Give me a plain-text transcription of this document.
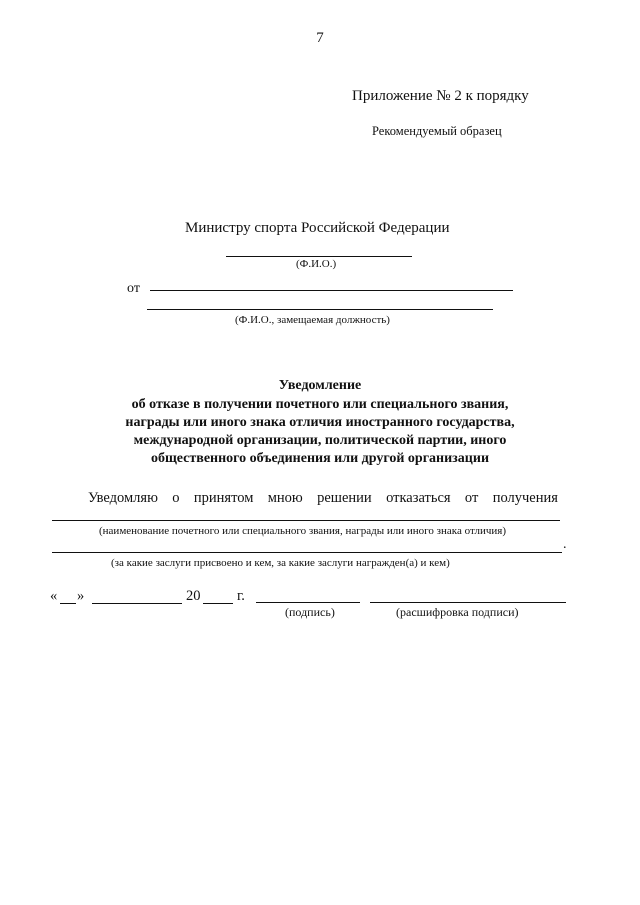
7
Приложение № 2 к порядку
Рекомендуемый образец
Министру спорта Российской Федерации
(Ф.И.О.)
от
(Ф.И.О., замещаемая должность)
Уведомление
об отказе в получении почетного или специального звания,
награды или иного знака отличия иностранного государства,
международной организации, политической партии, иного
общественного объединения или другой организации
Уведомляю о принятом мною решении отказаться от получения
(наименование почетного или специального звания, награды или иного знака отличия)
.
(за какие заслуги присвоено и кем, за какие заслуги награжден(а) и кем)
« »	20	г.
(подпись)	(расшифровка подписи)
